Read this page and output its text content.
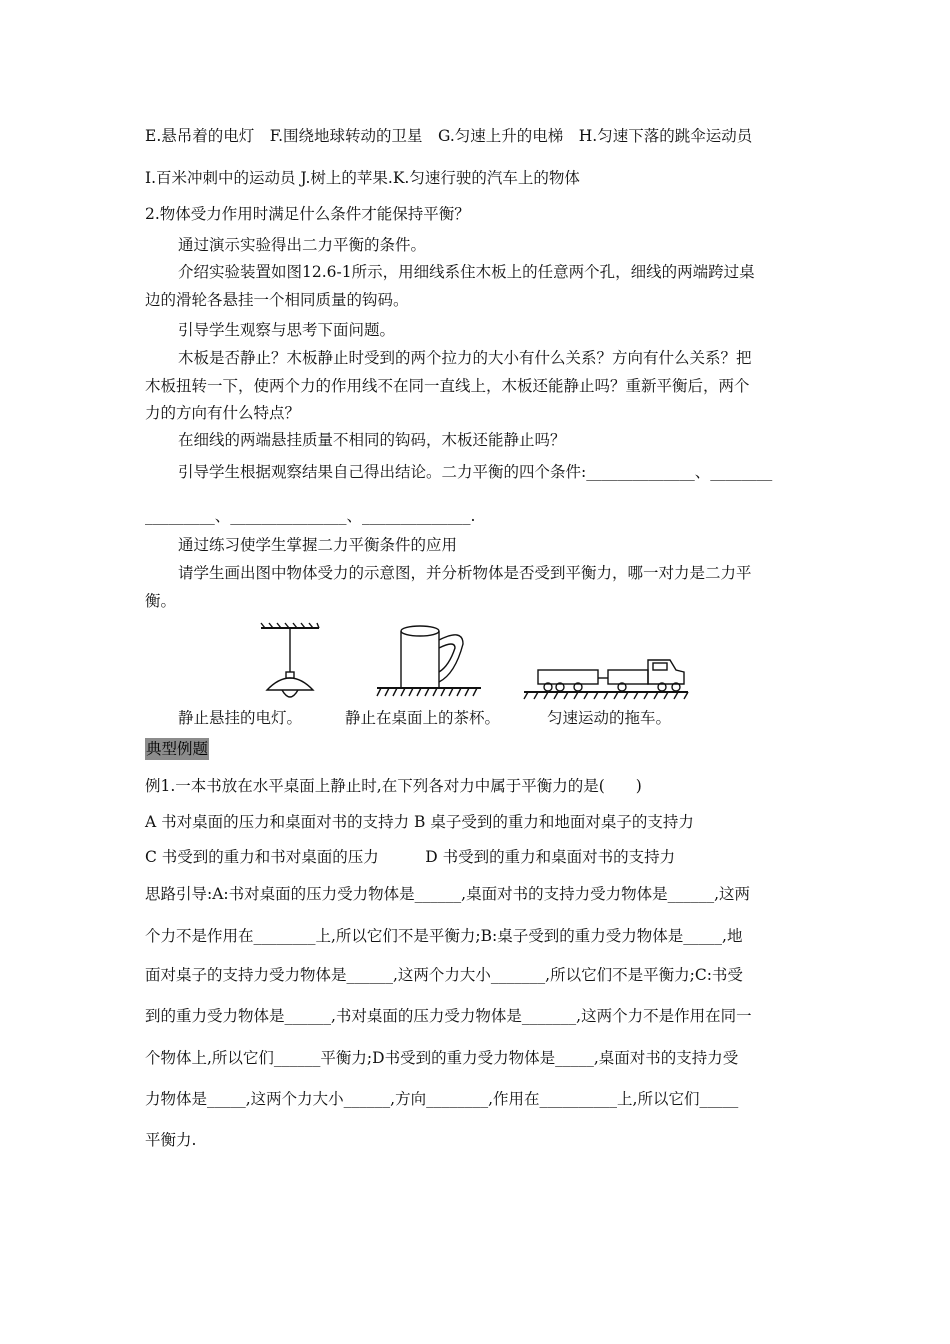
E.悬吊着的电灯　F.围绕地球转动的卫星　G.匀速上升的电梯　H.匀速下落的跳伞运动员
I.百米冲刺中的运动员 J.树上的苹果.K.匀速行驶的汽车上的物体
2.物体受力作用时满足什么条件才能保持平衡？
通过演示实验得出二力平衡的条件。
介绍实验装置如图12.6-1所示，用细线系住木板上的任意两个孔，细线的两端跨过桌
边的滑轮各悬挂一个相同质量的钩码。
引导学生观察与思考下面问题。
木板是否静止？木板静止时受到的两个拉力的大小有什么关系？方向有什么关系？把
木板扭转一下，使两个力的作用线不在同一直线上，木板还能静止吗？重新平衡后，两个
力的方向有什么特点？
在细线的两端悬挂质量不相同的钩码，木板还能静止吗？
引导学生根据观察结果自己得出结论。二力平衡的四个条件:______________、________
_________、_______________、______________.
通过练习使学生掌握二力平衡条件的应用
请学生画出图中物体受力的示意图，并分析物体是否受到平衡力，哪一对力是二力平
衡。
静止悬挂的电灯。	静止在桌面上的茶杯。	匀速运动的拖车。
典型例题
例1.一本书放在水平桌面上静止时,在下列各对力中属于平衡力的是(　　)
A 书对桌面的压力和桌面对书的支持力 B 桌子受到的重力和地面对桌子的支持力
C 书受到的重力和书对桌面的压力　　　D 书受到的重力和桌面对书的支持力
思路引导:A:书对桌面的压力受力物体是______,桌面对书的支持力受力物体是______,这两
个力不是作用在________上,所以它们不是平衡力;B:桌子受到的重力受力物体是_____,地
面对桌子的支持力受力物体是______,这两个力大小_______,所以它们不是平衡力;C:书受
到的重力受力物体是______,书对桌面的压力受力物体是_______,这两个力不是作用在同一
个物体上,所以它们______平衡力;D书受到的重力受力物体是_____,桌面对书的支持力受
力物体是_____,这两个力大小______,方向________,作用在__________上,所以它们_____
平衡力.
